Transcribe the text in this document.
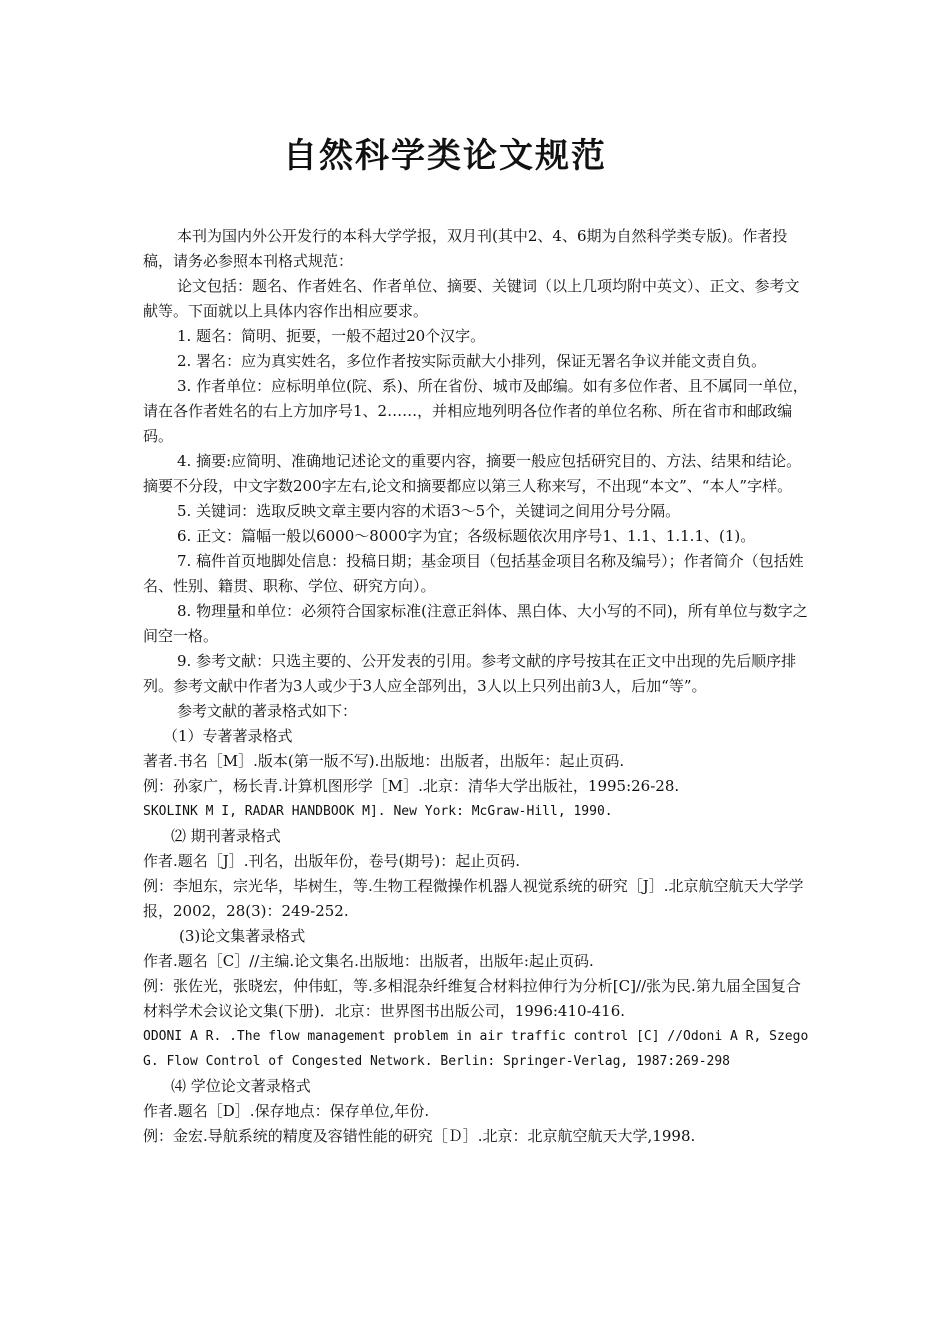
自然科学类论文规范

本刊为国内外公开发行的本科大学学报，双月刊(其中2、4、6期为自然科学类专版)。作者投稿，请务必参照本刊格式规范：

论文包括：题名、作者姓名、作者单位、摘要、关键词（以上几项均附中英文）、正文、参考文献等。下面就以上具体内容作出相应要求。

1. 题名：简明、扼要，一般不超过20个汉字。

2. 署名：应为真实姓名，多位作者按实际贡献大小排列，保证无署名争议并能文责自负。

3. 作者单位：应标明单位(院、系)、所在省份、城市及邮编。如有多位作者、且不属同一单位，请在各作者姓名的右上方加序号1、2……，并相应地列明各位作者的单位名称、所在省市和邮政编码。

4. 摘要:应简明、准确地记述论文的重要内容，摘要一般应包括研究目的、方法、结果和结论。摘要不分段，中文字数200字左右,论文和摘要都应以第三人称来写，不出现“本文”、“本人”字样。

5. 关键词：选取反映文章主要内容的术语3～5个，关键词之间用分号分隔。

6. 正文：篇幅一般以6000～8000字为宜；各级标题依次用序号1、1.1、1.1.1、(1)。

7. 稿件首页地脚处信息：投稿日期；基金项目（包括基金项目名称及编号）；作者简介（包括姓名、性别、籍贯、职称、学位、研究方向）。

8. 物理量和单位：必须符合国家标准(注意正斜体、黑白体、大小写的不同)，所有单位与数字之间空一格。

9. 参考文献：只选主要的、公开发表的引用。参考文献的序号按其在正文中出现的先后顺序排列。参考文献中作者为3人或少于3人应全部列出，3人以上只列出前3人，后加“等”。

参考文献的著录格式如下：

（1）专著著录格式

著者.书名［M］.版本(第一版不写).出版地：出版者，出版年：起止页码.

例：孙家广，杨长青.计算机图形学［M］.北京：清华大学出版社，1995:26-28.

SKOLINK M I, RADAR HANDBOOK M]. New York: McGraw-Hill, 1990.

⑵ 期刊著录格式

作者.题名［J］.刊名，出版年份，卷号(期号)：起止页码.

例：李旭东，宗光华，毕树生，等.生物工程微操作机器人视觉系统的研究［J］.北京航空航天大学学报，2002，28(3)：249-252.

(3)论文集著录格式

作者.题名［C］//主编.论文集名.出版地：出版者，出版年:起止页码.

例：张佐光，张晓宏，仲伟虹，等.多相混杂纤维复合材料拉伸行为分析[C]//张为民.第九届全国复合材料学术会议论文集(下册)．北京：世界图书出版公司，1996:410-416.

ODONI A R. .The flow management problem in air traffic control [C] //Odoni A R, Szego G. Flow Control of Congested Network. Berlin: Springer-Verlag, 1987:269-298

⑷ 学位论文著录格式

作者.题名［D］.保存地点：保存单位,年份.

例：金宏.导航系统的精度及容错性能的研究［Ｄ］.北京：北京航空航天大学,1998.
